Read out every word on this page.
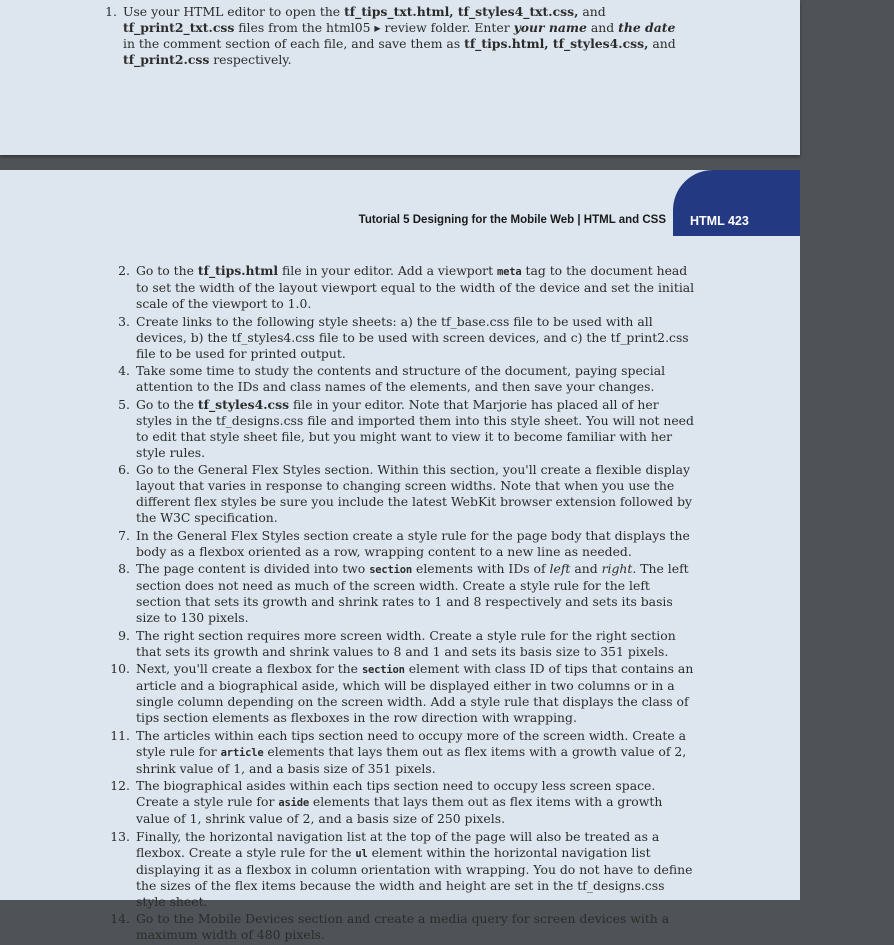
1. Use your HTML editor to open the tf_tips_txt.html, tf_styles4_txt.css, and tf_print2_txt.css files from the html05 ▸ review folder. Enter your name and the date in the comment section of each file, and save them as tf_tips.html, tf_styles4.css, and tf_print2.css respectively.
Tutorial 5 Designing for the Mobile Web | HTML and CSS HTML 423
2. Go to the tf_tips.html file in your editor. Add a viewport meta tag to the document head to set the width of the layout viewport equal to the width of the device and set the initial scale of the viewport to 1.0.
3. Create links to the following style sheets: a) the tf_base.css file to be used with all devices, b) the tf_styles4.css file to be used with screen devices, and c) the tf_print2.css file to be used for printed output.
4. Take some time to study the contents and structure of the document, paying special attention to the IDs and class names of the elements, and then save your changes.
5. Go to the tf_styles4.css file in your editor. Note that Marjorie has placed all of her styles in the tf_designs.css file and imported them into this style sheet. You will not need to edit that style sheet file, but you might want to view it to become familiar with her style rules.
6. Go to the General Flex Styles section. Within this section, you'll create a flexible display layout that varies in response to changing screen widths. Note that when you use the different flex styles be sure you include the latest WebKit browser extension followed by the W3C specification.
7. In the General Flex Styles section create a style rule for the page body that displays the body as a flexbox oriented as a row, wrapping content to a new line as needed.
8. The page content is divided into two section elements with IDs of left and right. The left section does not need as much of the screen width. Create a style rule for the left section that sets its growth and shrink rates to 1 and 8 respectively and sets its basis size to 130 pixels.
9. The right section requires more screen width. Create a style rule for the right section that sets its growth and shrink values to 8 and 1 and sets its basis size to 351 pixels.
10. Next, you'll create a flexbox for the section element with class ID of tips that contains an article and a biographical aside, which will be displayed either in two columns or in a single column depending on the screen width. Add a style rule that displays the class of tips section elements as flexboxes in the row direction with wrapping.
11. The articles within each tips section need to occupy more of the screen width. Create a style rule for article elements that lays them out as flex items with a growth value of 2, shrink value of 1, and a basis size of 351 pixels.
12. The biographical asides within each tips section need to occupy less screen space. Create a style rule for aside elements that lays them out as flex items with a growth value of 1, shrink value of 2, and a basis size of 250 pixels.
13. Finally, the horizontal navigation list at the top of the page will also be treated as a flexbox. Create a style rule for the ul element within the horizontal navigation list displaying it as a flexbox in column orientation with wrapping. You do not have to define the sizes of the flex items because the width and height are set in the tf_designs.css style sheet.
14. Go to the Mobile Devices section and create a media query for screen devices with a maximum width of 480 pixels.
